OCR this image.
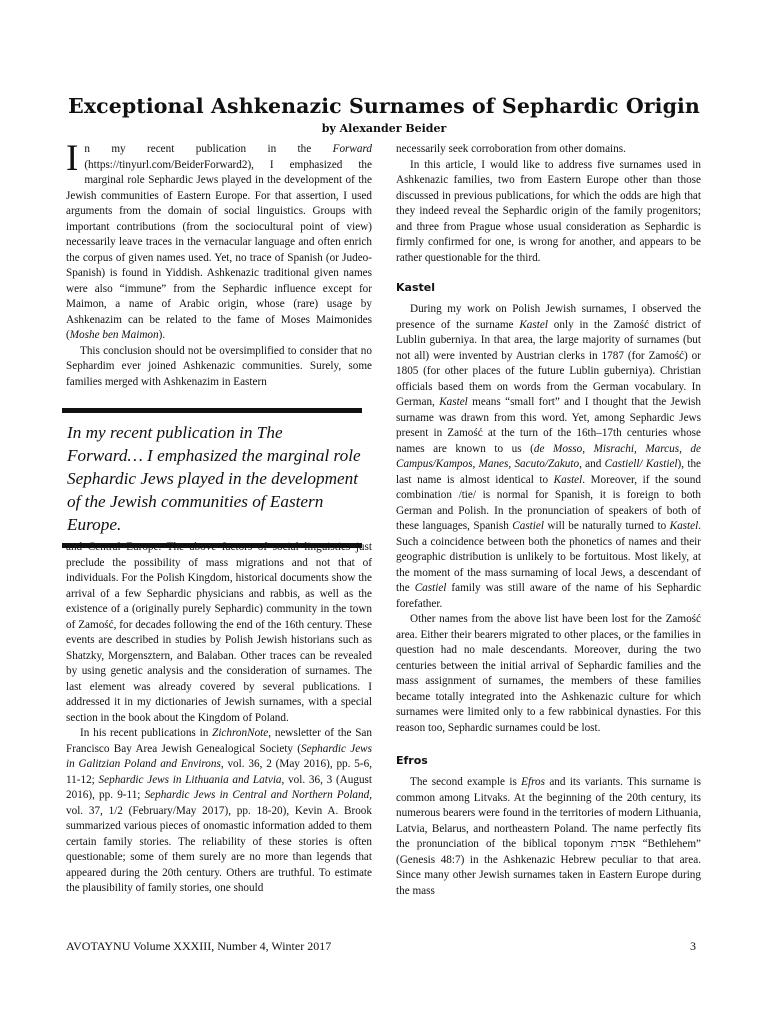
Exceptional Ashkenazic Surnames of Sephardic Origin
by Alexander Beider

In my recent publication in the Forward (https://tinyurl.com/BeiderForward2), I emphasized the marginal role Sephardic Jews played in the development of the Jewish communities of Eastern Europe. For that assertion, I used arguments from the domain of social linguistics. Groups with important contributions (from the sociocultural point of view) necessarily leave traces in the vernacular language and often enrich the corpus of given names used. Yet, no trace of Spanish (or Judeo-Spanish) is found in Yiddish. Ashkenazic traditional given names were also “immune” from the Sephardic influence except for Maimon, a name of Arabic origin, whose (rare) usage by Ashkenazim can be related to the fame of Moses Maimonides (Moshe ben Maimon).

This conclusion should not be oversimplified to consider that no Sephardim ever joined Ashkenazic communities. Surely, some families merged with Ashkenazim in Eastern

In my recent publication in The Forward… I emphasized the marginal role Sephardic Jews played in the development of the Jewish communities of Eastern Europe.

and Central Europe. The above factors of social linguistics just preclude the possibility of mass migrations and not that of individuals. For the Polish Kingdom, historical documents show the arrival of a few Sephardic physicians and rabbis, as well as the existence of a (originally purely Sephardic) community in the town of Zamość, for decades following the end of the 16th century. These events are described in studies by Polish Jewish historians such as Shatzky, Morgensztern, and Balaban. Other traces can be revealed by using genetic analysis and the consideration of surnames. The last element was already covered by several publications. I addressed it in my dictionaries of Jewish surnames, with a special section in the book about the Kingdom of Poland.

In his recent publications in ZichronNote, newsletter of the San Francisco Bay Area Jewish Genealogical Society (Sephardic Jews in Galitzian Poland and Environs, vol. 36, 2 (May 2016), pp. 5-6, 11-12; Sephardic Jews in Lithuania and Latvia, vol. 36, 3 (August 2016), pp. 9-11; Sephardic Jews in Central and Northern Poland, vol. 37, 1/2 (February/May 2017), pp. 18-20), Kevin A. Brook summarized various pieces of onomastic information added to them certain family stories. The reliability of these stories is often questionable; some of them surely are no more than legends that appeared during the 20th century. Others are truthful. To estimate the plausibility of family stories, one should

necessarily seek corroboration from other domains.

In this article, I would like to address five surnames used in Ashkenazic families, two from Eastern Europe other than those discussed in previous publications, for which the odds are high that they indeed reveal the Sephardic origin of the family progenitors; and three from Prague whose usual consideration as Sephardic is firmly confirmed for one, is wrong for another, and appears to be rather questionable for the third.

Kastel

During my work on Polish Jewish surnames, I observed the presence of the surname Kastel only in the Zamość district of Lublin guberniya. In that area, the large majority of surnames (but not all) were invented by Austrian clerks in 1787 (for Zamość) or 1805 (for other places of the future Lublin guberniya). Christian officials based them on words from the German vocabulary. In German, Kastel means “small fort” and I thought that the Jewish surname was drawn from this word. Yet, among Sephardic Jews present in Zamość at the turn of the 16th–17th centuries whose names are known to us (de Mosso, Misrachi, Marcus, de Campus/Kampos, Manes, Sacuto/Zakuto, and Castiell/ Kastiel), the last name is almost identical to Kastel. Moreover, if the sound combination /tie/ is normal for Spanish, it is foreign to both German and Polish. In the pronunciation of speakers of both of these languages, Spanish Castiel will be naturally turned to Kastel. Such a coincidence between both the phonetics of names and their geographic distribution is unlikely to be fortuitous. Most likely, at the moment of the mass surnaming of local Jews, a descendant of the Castiel family was still aware of the name of his Sephardic forefather.

Other names from the above list have been lost for the Zamość area. Either their bearers migrated to other places, or the families in question had no male descendants. Moreover, during the two centuries between the initial arrival of Sephardic families and the mass assignment of surnames, the members of these families became totally integrated into the Ashkenazic culture for which surnames were limited only to a few rabbinical dynasties. For this reason too, Sephardic surnames could be lost.

Efros

The second example is Efros and its variants. This surname is common among Litvaks. At the beginning of the 20th century, its numerous bearers were found in the territories of modern Lithuania, Latvia, Belarus, and northeastern Poland. The name perfectly fits the pronunciation of the biblical toponym אפרת “Bethlehem” (Genesis 48:7) in the Ashkenazic Hebrew peculiar to that area. Since many other Jewish surnames taken in Eastern Europe during the mass

AVOTAYNU Volume XXXIII, Number 4, Winter 2017	3
